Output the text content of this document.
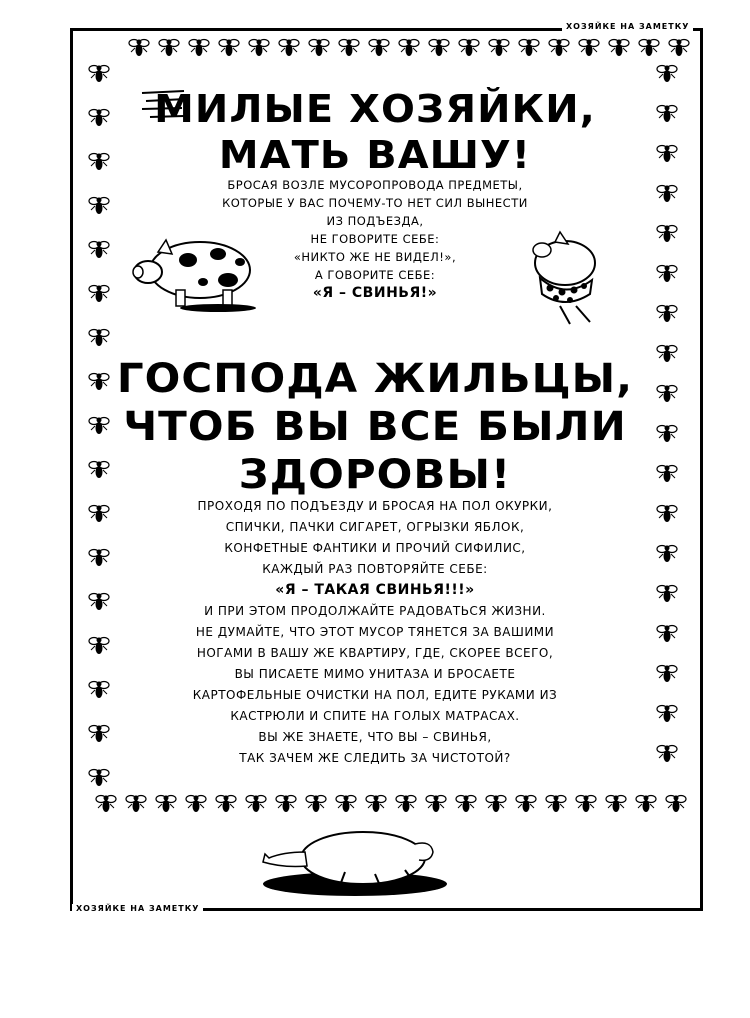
ХОЗЯЙКЕ НА ЗАМЕТКУ
ХОЗЯЙКЕ НА ЗАМЕТКУ
МИЛЫЕ ХОЗЯЙКИ,
МАТЬ ВАШУ!
БРОСАЯ ВОЗЛЕ МУСОРОПРОВОДА ПРЕДМЕТЫ,
КОТОРЫЕ У ВАС ПОЧЕМУ-ТО НЕТ СИЛ ВЫНЕСТИ
ИЗ ПОДЪЕЗДА,
НЕ ГОВОРИТЕ СЕБЕ:
«НИКТО ЖЕ НЕ ВИДЕЛ!»,
А ГОВОРИТЕ СЕБЕ:
«Я – СВИНЬЯ!»
ГОСПОДА ЖИЛЬЦЫ,
ЧТОБ ВЫ ВСЕ БЫЛИ
ЗДОРОВЫ!
ПРОХОДЯ ПО ПОДЪЕЗДУ И БРОСАЯ НА ПОЛ ОКУРКИ,
СПИЧКИ, ПАЧКИ СИГАРЕТ, ОГРЫЗКИ ЯБЛОК,
КОНФЕТНЫЕ ФАНТИКИ И ПРОЧИЙ СИФИЛИС,
КАЖДЫЙ РАЗ ПОВТОРЯЙТЕ СЕБЕ:
«Я – ТАКАЯ СВИНЬЯ!!!»
И ПРИ ЭТОМ ПРОДОЛЖАЙТЕ РАДОВАТЬСЯ ЖИЗНИ.
НЕ ДУМАЙТЕ, ЧТО ЭТОТ МУСОР ТЯНЕТСЯ ЗА ВАШИМИ
НОГАМИ В ВАШУ ЖЕ КВАРТИРУ, ГДЕ, СКОРЕЕ ВСЕГО,
ВЫ ПИСАЕТЕ МИМО УНИТАЗА И БРОСАЕТЕ
КАРТОФЕЛЬНЫЕ ОЧИСТКИ НА ПОЛ, ЕДИТЕ РУКАМИ ИЗ
КАСТРЮЛИ И СПИТЕ НА ГОЛЫХ МАТРАСАХ.
ВЫ ЖЕ ЗНАЕТЕ, ЧТО ВЫ – СВИНЬЯ,
ТАК ЗАЧЕМ ЖЕ СЛЕДИТЬ ЗА ЧИСТОТОЙ?
